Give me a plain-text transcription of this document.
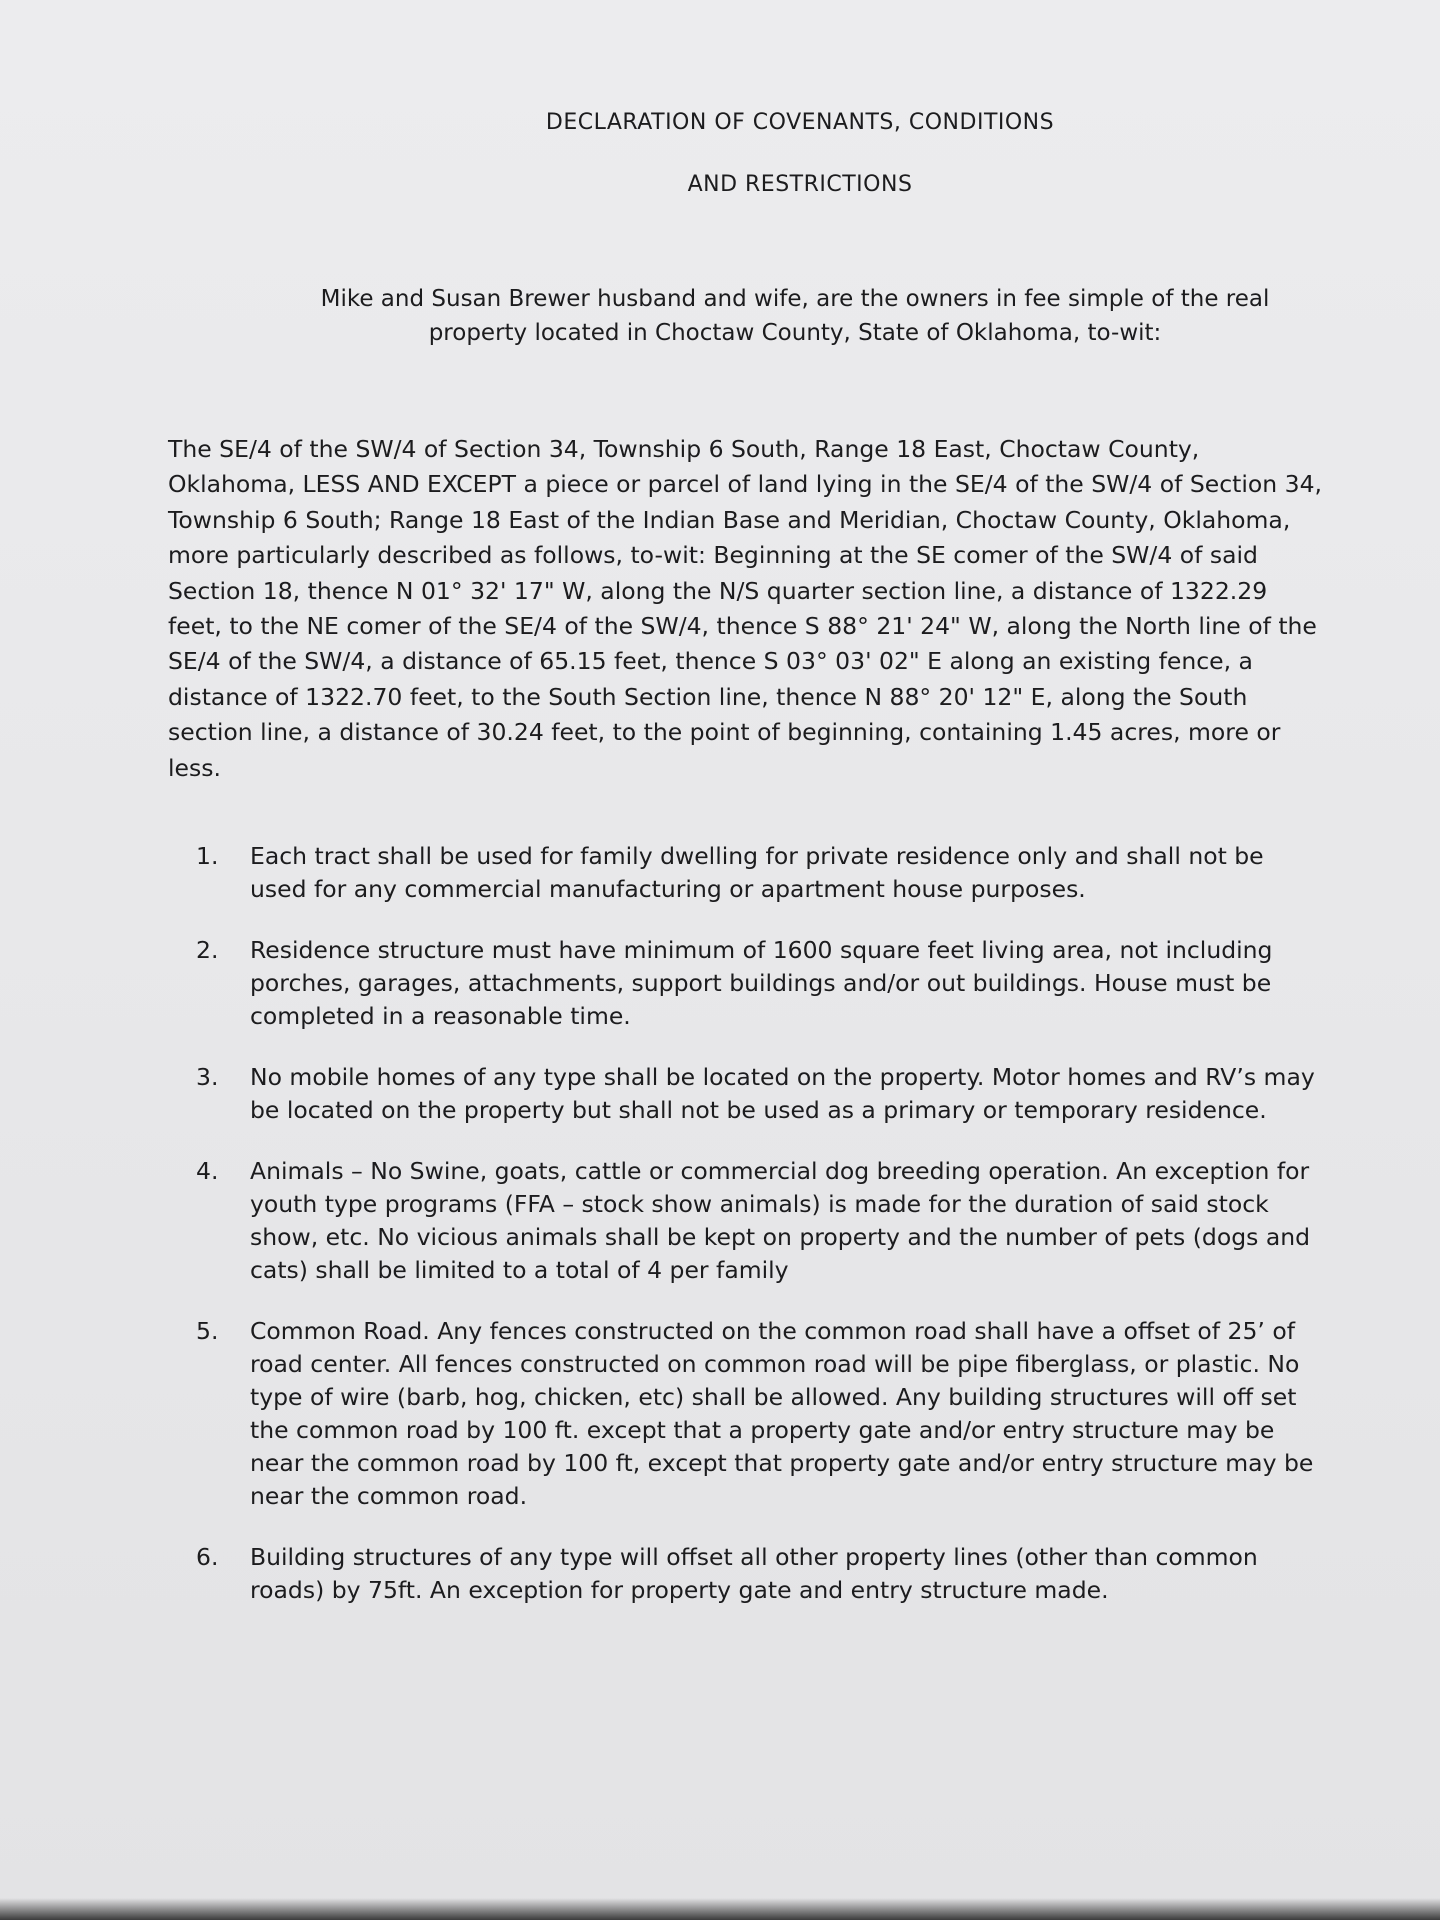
DECLARATION OF COVENANTS, CONDITIONS
AND RESTRICTIONS
Mike and Susan Brewer husband and wife, are the owners in fee simple of the real property located in Choctaw County, State of Oklahoma, to-wit:
The SE/4 of the SW/4 of Section 34, Township 6 South, Range 18 East, Choctaw County, Oklahoma, LESS AND EXCEPT a piece or parcel of land lying in the SE/4 of the SW/4 of Section 34, Township 6 South; Range 18 East of the Indian Base and Meridian, Choctaw County, Oklahoma, more particularly described as follows, to-wit: Beginning at the SE comer of the SW/4 of said Section 18, thence N 01° 32' 17" W, along the N/S quarter section line, a distance of 1322.29 feet, to the NE comer of the SE/4 of the SW/4, thence S 88° 21' 24" W, along the North line of the SE/4 of the SW/4, a distance of 65.15 feet, thence S 03° 03' 02" E along an existing fence, a distance of 1322.70 feet, to the South Section line, thence N 88° 20' 12" E, along the South section line, a distance of 30.24 feet, to the point of beginning, containing 1.45 acres, more or less.
1. Each tract shall be used for family dwelling for private residence only and shall not be used for any commercial manufacturing or apartment house purposes.
2. Residence structure must have minimum of 1600 square feet living area, not including porches, garages, attachments, support buildings and/or out buildings. House must be completed in a reasonable time.
3. No mobile homes of any type shall be located on the property. Motor homes and RV’s may be located on the property but shall not be used as a primary or temporary residence.
4. Animals – No Swine, goats, cattle or commercial dog breeding operation. An exception for youth type programs (FFA – stock show animals) is made for the duration of said stock show, etc. No vicious animals shall be kept on property and the number of pets (dogs and cats) shall be limited to a total of 4 per family
5. Common Road. Any fences constructed on the common road shall have a offset of 25’ of road center. All fences constructed on common road will be pipe fiberglass, or plastic. No type of wire (barb, hog, chicken, etc) shall be allowed. Any building structures will off set the common road by 100 ft. except that a property gate and/or entry structure may be near the common road by 100 ft, except that property gate and/or entry structure may be near the common road.
6. Building structures of any type will offset all other property lines (other than common roads) by 75ft. An exception for property gate and entry structure made.
